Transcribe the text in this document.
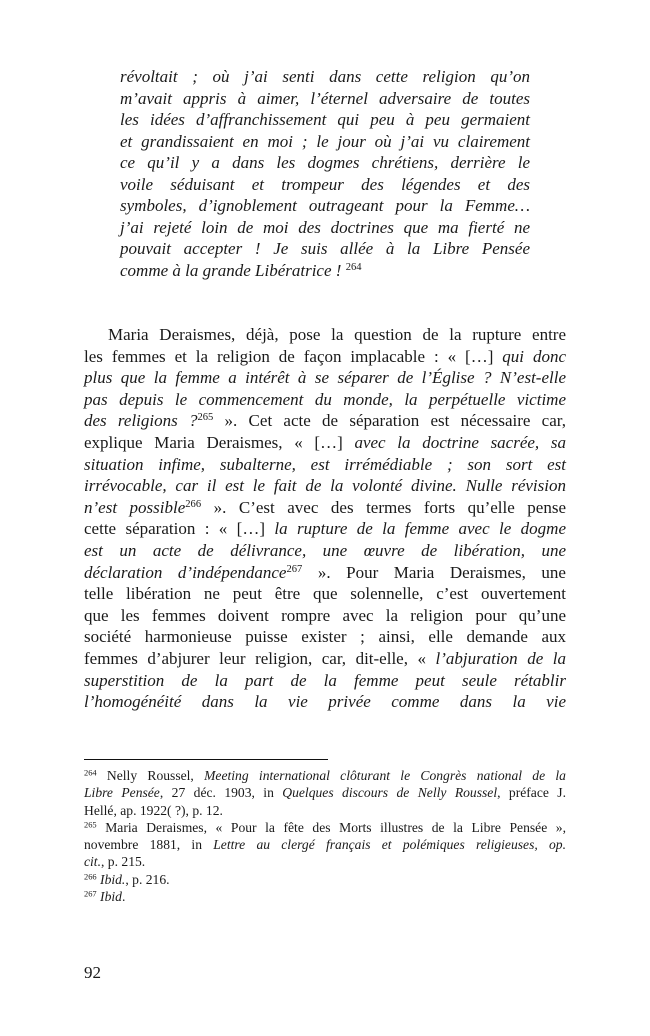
révoltait ; où j’ai senti dans cette religion qu’on
m’avait appris à aimer, l’éternel adversaire de toutes
les idées d’affranchissement qui peu à peu germaient
et grandissaient en moi ; le jour où j’ai vu clairement
ce qu’il y a dans les dogmes chrétiens, derrière le
voile séduisant et trompeur des légendes et des
symboles, d’ignoblement outrageant pour la Femme…
j’ai rejeté loin de moi des doctrines que ma fierté ne
pouvait accepter ! Je suis allée à la Libre Pensée
comme à la grande Libératrice ! $^{264}$
Maria Deraismes, déjà, pose la question de la rupture entre
les femmes et la religion de façon implacable : « […] qui donc
plus que la femme a intérêt à se séparer de l’Église ? N’est-elle
pas depuis le commencement du monde, la perpétuelle victime
des religions ?$^{265}$ ». Cet acte de séparation est nécessaire car,
explique Maria Deraismes, « […] avec la doctrine sacrée, sa
situation infime, subalterne, est irrémédiable ; son sort est
irrévocable, car il est le fait de la volonté divine. Nulle révision
n’est possible$^{266}$ ». C’est avec des termes forts qu’elle pense
cette séparation : « […] la rupture de la femme avec le dogme
est un acte de délivrance, une œuvre de libération, une
déclaration d’indépendance$^{267}$ ». Pour Maria Deraismes, une
telle libération ne peut être que solennelle, c’est ouvertement
que les femmes doivent rompre avec la religion pour qu’une
société harmonieuse puisse exister ; ainsi, elle demande aux
femmes d’abjurer leur religion, car, dit-elle, « l’abjuration de la
superstition de la part de la femme peut seule rétablir
l’homogénéité dans la vie privée comme dans la vie
$^{264}$ Nelly Roussel, Meeting international clôturant le Congrès national de la
Libre Pensée, 27 déc. 1903, in Quelques discours de Nelly Roussel, préface J.
Hellé, ap. 1922( ?), p. 12.
$^{265}$ Maria Deraismes, « Pour la fête des Morts illustres de la Libre Pensée »,
novembre 1881, in Lettre au clergé français et polémiques religieuses, op.
cit., p. 215.
$^{266}$ Ibid., p. 216.
$^{267}$ Ibid.
92
